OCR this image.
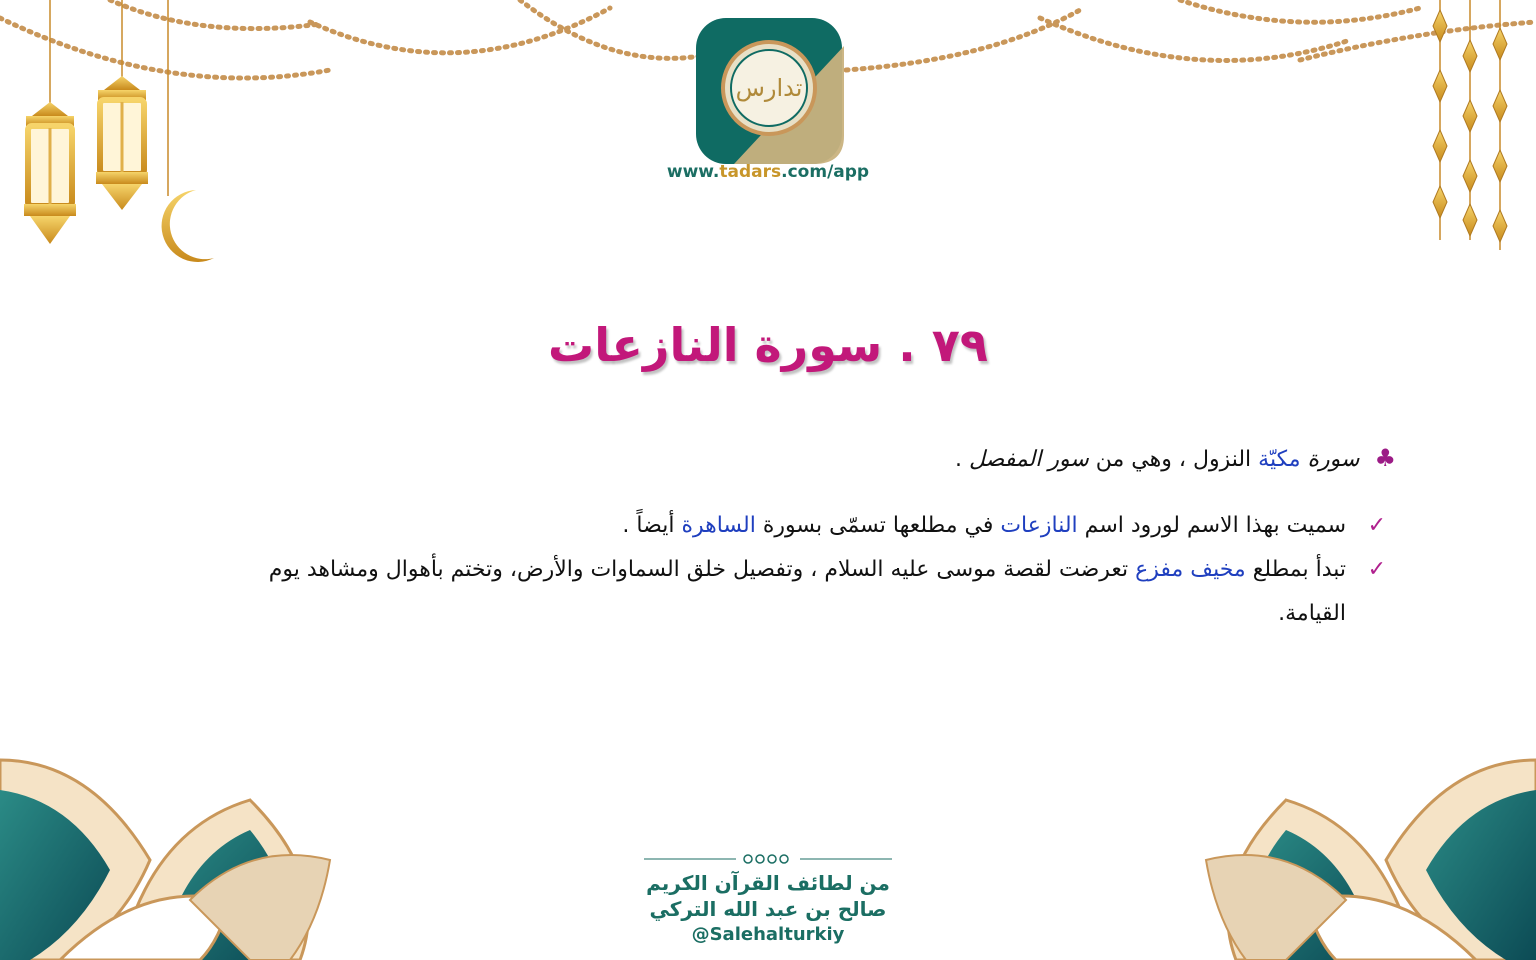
تدارس
www.tadars.com/app
٧٩ . سورة النازعات
♣ سورة مكيّة النزول ، وهي من سور المفصل .
✓
سميت بهذا الاسم لورود اسم النازعات في مطلعها تسمّى بسورة الساهرة أيضاً .
✓
تبدأ بمطلع مخيف مفزع تعرضت لقصة موسى عليه السلام ، وتفصيل خلق السماوات والأرض، وتختم بأهوال ومشاهد يوم القيامة.
من لطائف القرآن الكريم
صالح بن عبد الله التركي
@Salehalturkiy
